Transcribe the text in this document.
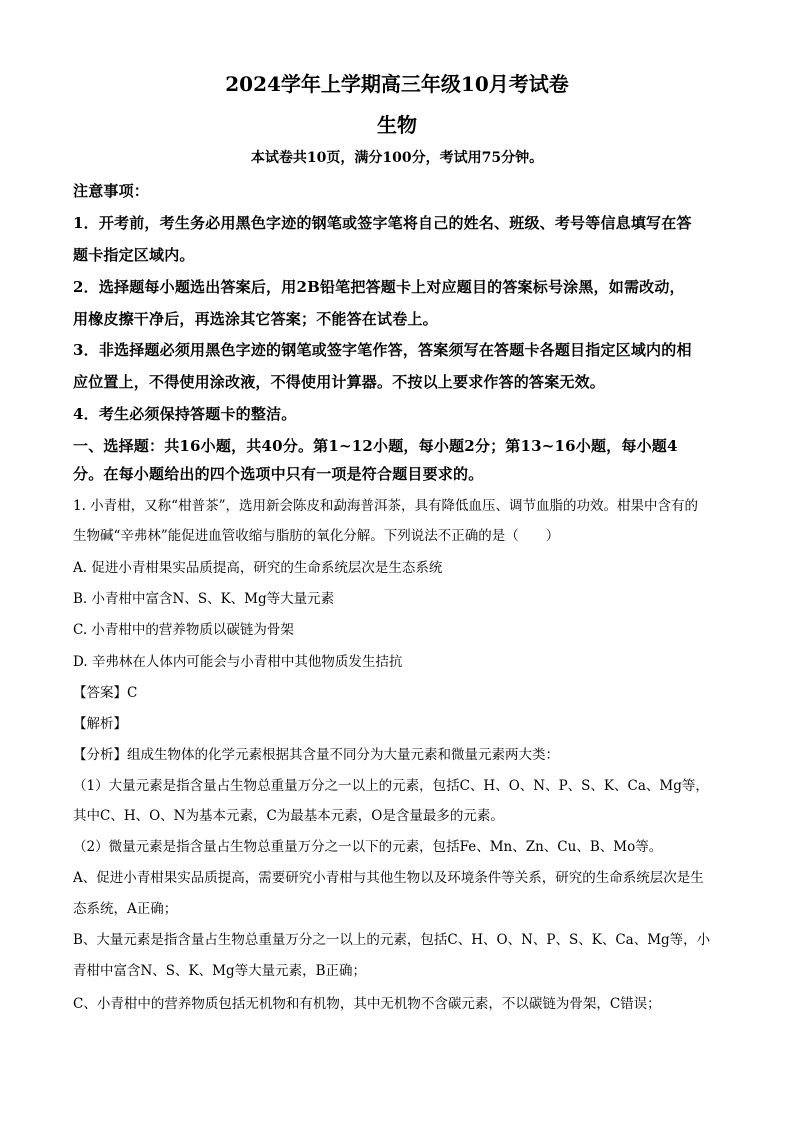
2024学年上学期高三年级10月考试卷
生物
本试卷共10页，满分100分，考试用75分钟。
注意事项：
1．开考前，考生务必用黑色字迹的钢笔或签字笔将自己的姓名、班级、考号等信息填写在答
题卡指定区域内。
2．选择题每小题选出答案后，用2B铅笔把答题卡上对应题目的答案标号涂黑，如需改动，
用橡皮擦干净后，再选涂其它答案；不能答在试卷上。
3．非选择题必须用黑色字迹的钢笔或签字笔作答，答案须写在答题卡各题目指定区域内的相
应位置上，不得使用涂改液，不得使用计算器。不按以上要求作答的答案无效。
4．考生必须保持答题卡的整洁。
一、选择题：共16小题，共40分。第1~12小题，每小题2分；第13~16小题，每小题4
分。在每小题给出的四个选项中只有一项是符合题目要求的。
1. 小青柑，又称“柑普茶”，选用新会陈皮和勐海普洱茶，具有降低血压、调节血脂的功效。柑果中含有的
生物碱“辛弗林”能促进血管收缩与脂肪的氧化分解。下列说法不正确的是（　　）
A. 促进小青柑果实品质提高，研究的生命系统层次是生态系统
B. 小青柑中富含N、S、K、Mg等大量元素
C. 小青柑中的营养物质以碳链为骨架
D. 辛弗林在人体内可能会与小青柑中其他物质发生拮抗
【答案】C
【解析】
【分析】组成生物体的化学元素根据其含量不同分为大量元素和微量元素两大类：
（1）大量元素是指含量占生物总重量万分之一以上的元素，包括C、H、O、N、P、S、K、Ca、Mg等，
其中C、H、O、N为基本元素，C为最基本元素，O是含量最多的元素。
（2）微量元素是指含量占生物总重量万分之一以下的元素，包括Fe、Mn、Zn、Cu、B、Mo等。
A、促进小青柑果实品质提高，需要研究小青柑与其他生物以及环境条件等关系，研究的生命系统层次是生
态系统，A正确；
B、大量元素是指含量占生物总重量万分之一以上的元素，包括C、H、O、N、P、S、K、Ca、Mg等，小
青柑中富含N、S、K、Mg等大量元素，B正确；
C、小青柑中的营养物质包括无机物和有机物，其中无机物不含碳元素，不以碳链为骨架，C错误；
